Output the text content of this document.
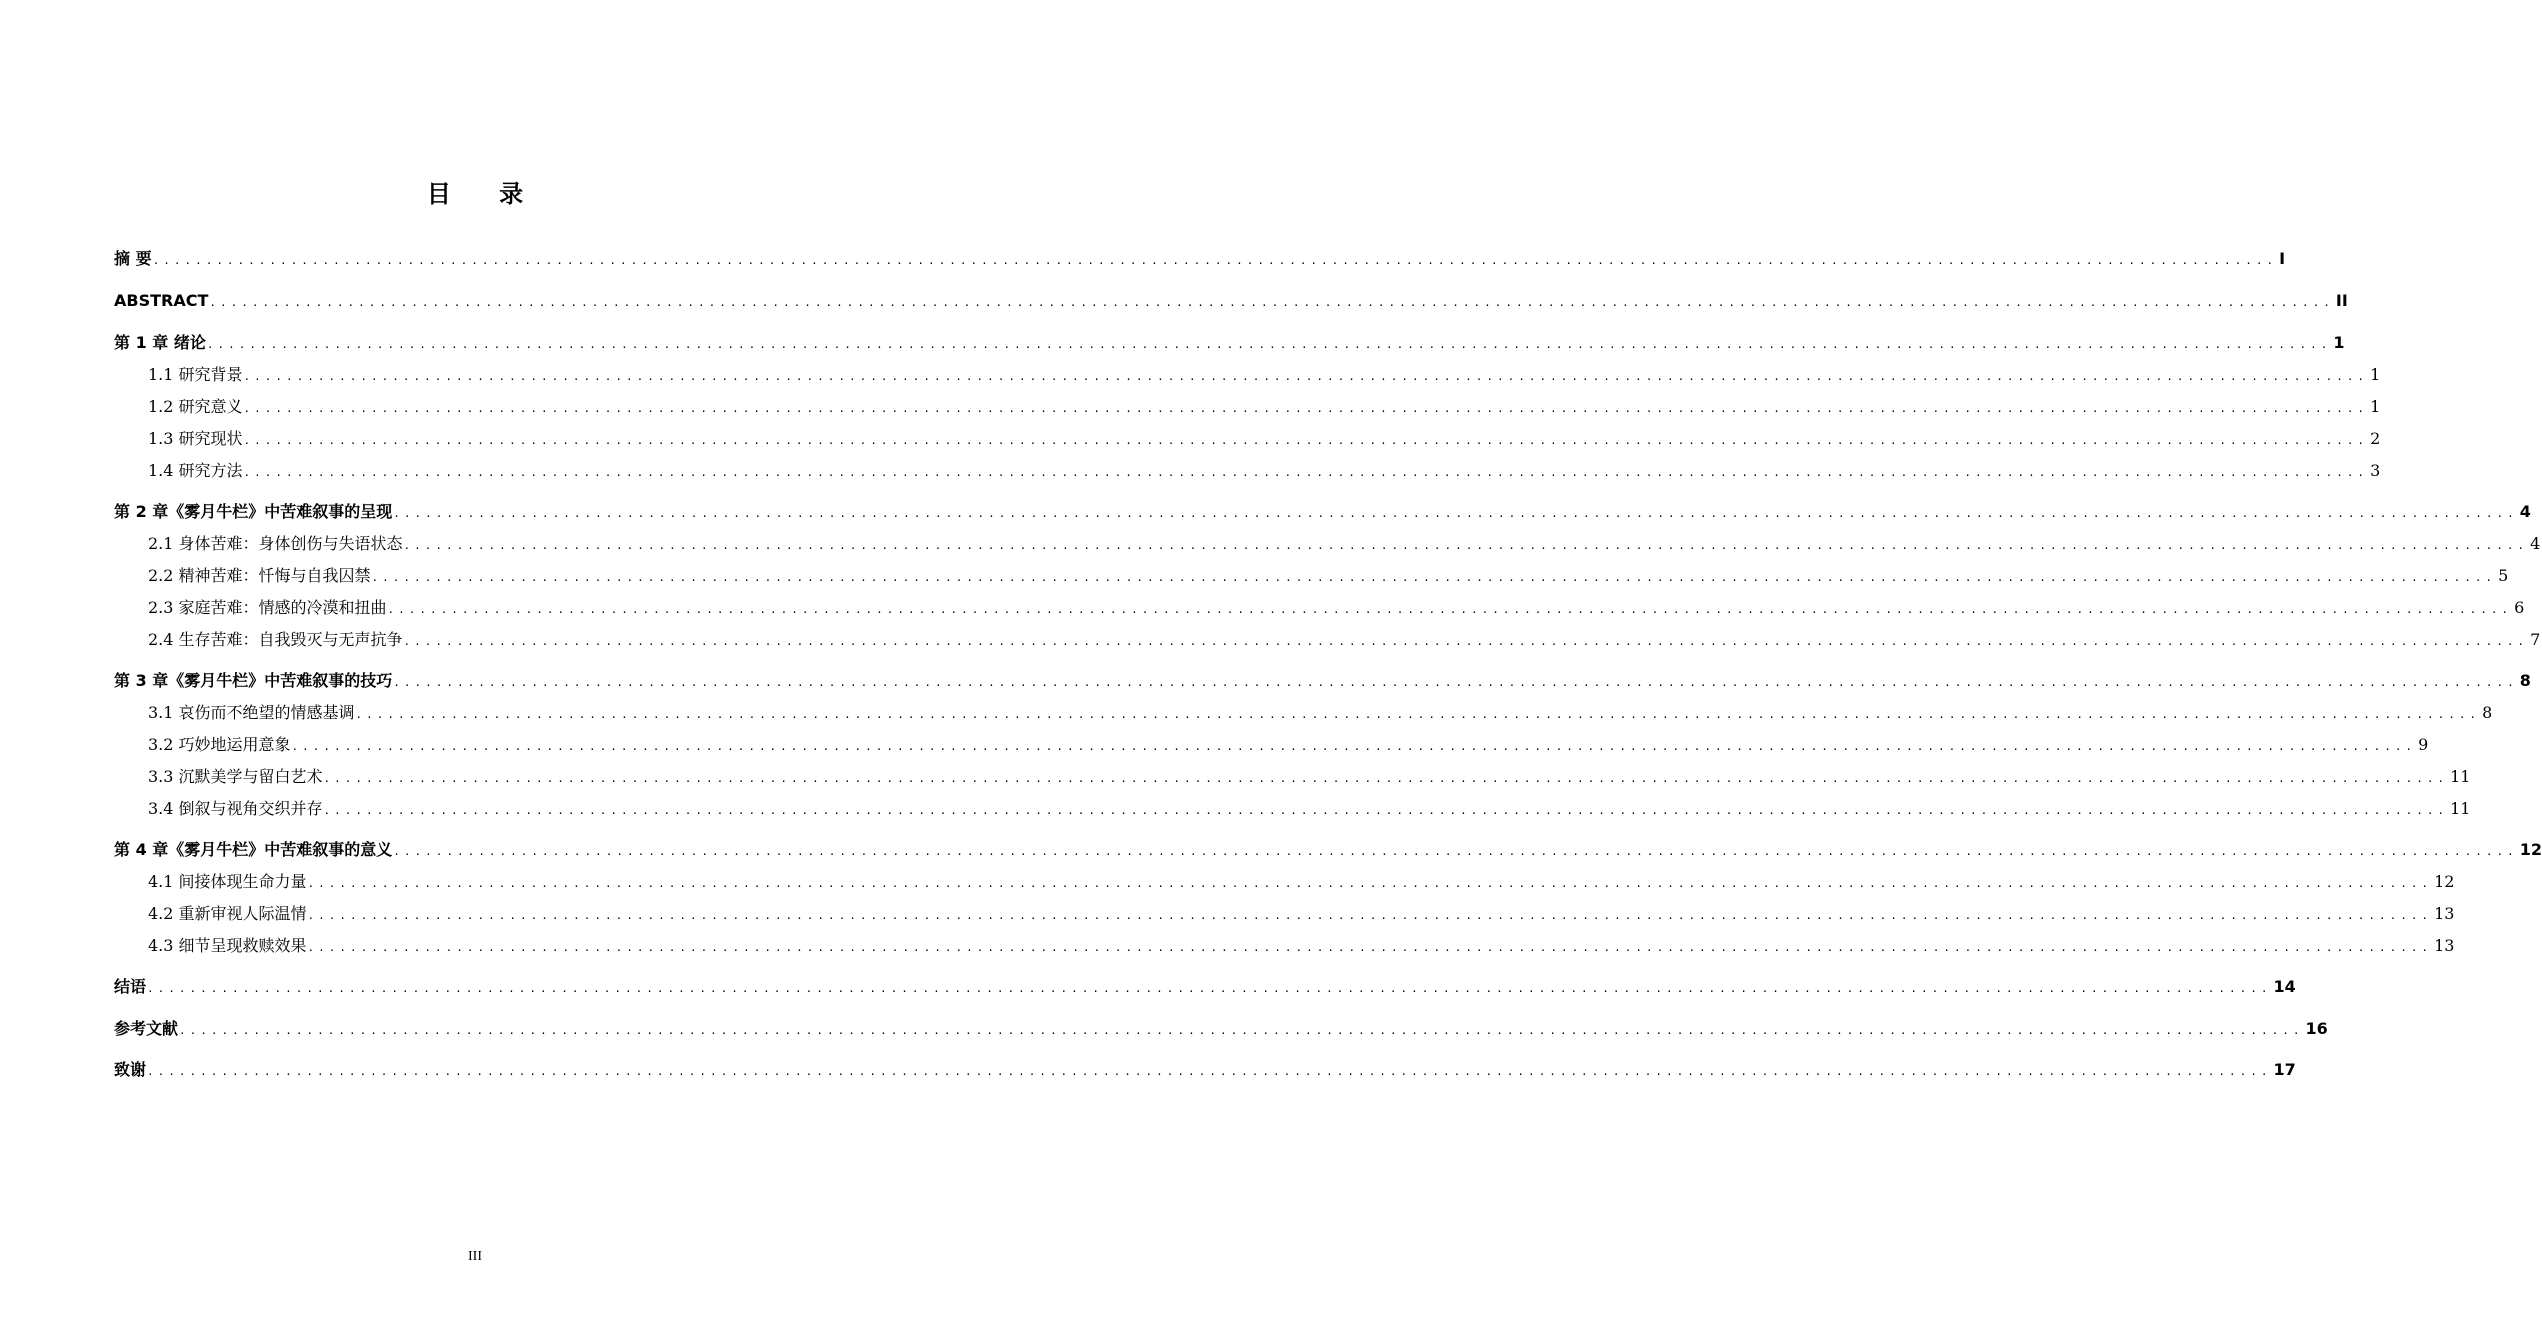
目 录
摘 要 ........................................................................................................................................................................................................ I
ABSTRACT ........................................................................................................................................................................................................ II
第 1 章 绪论 ........................................................................................................................................................................................................ 1
1.1 研究背景 ........................................................................................................................................................................................................ 1
1.2 研究意义 ........................................................................................................................................................................................................ 1
1.3 研究现状 ........................................................................................................................................................................................................ 2
1.4 研究方法 ........................................................................................................................................................................................................ 3
第 2 章《雾月牛栏》中苦难叙事的呈现 ........................................................................................................................................................................................................ 4
2.1 身体苦难：身体创伤与失语状态 ........................................................................................................................................................................................................ 4
2.2 精神苦难：忏悔与自我囚禁 ........................................................................................................................................................................................................ 5
2.3 家庭苦难：情感的冷漠和扭曲 ........................................................................................................................................................................................................ 6
2.4 生存苦难：自我毁灭与无声抗争 ........................................................................................................................................................................................................ 7
第 3 章《雾月牛栏》中苦难叙事的技巧 ........................................................................................................................................................................................................ 8
3.1 哀伤而不绝望的情感基调 ........................................................................................................................................................................................................ 8
3.2 巧妙地运用意象 ........................................................................................................................................................................................................ 9
3.3 沉默美学与留白艺术 ........................................................................................................................................................................................................ 11
3.4 倒叙与视角交织并存 ........................................................................................................................................................................................................ 11
第 4 章《雾月牛栏》中苦难叙事的意义 ........................................................................................................................................................................................................ 12
4.1 间接体现生命力量 ........................................................................................................................................................................................................ 12
4.2 重新审视人际温情 ........................................................................................................................................................................................................ 13
4.3 细节呈现救赎效果 ........................................................................................................................................................................................................ 13
结语 ........................................................................................................................................................................................................ 14
参考文献 ........................................................................................................................................................................................................ 16
致谢 ........................................................................................................................................................................................................ 17
III
